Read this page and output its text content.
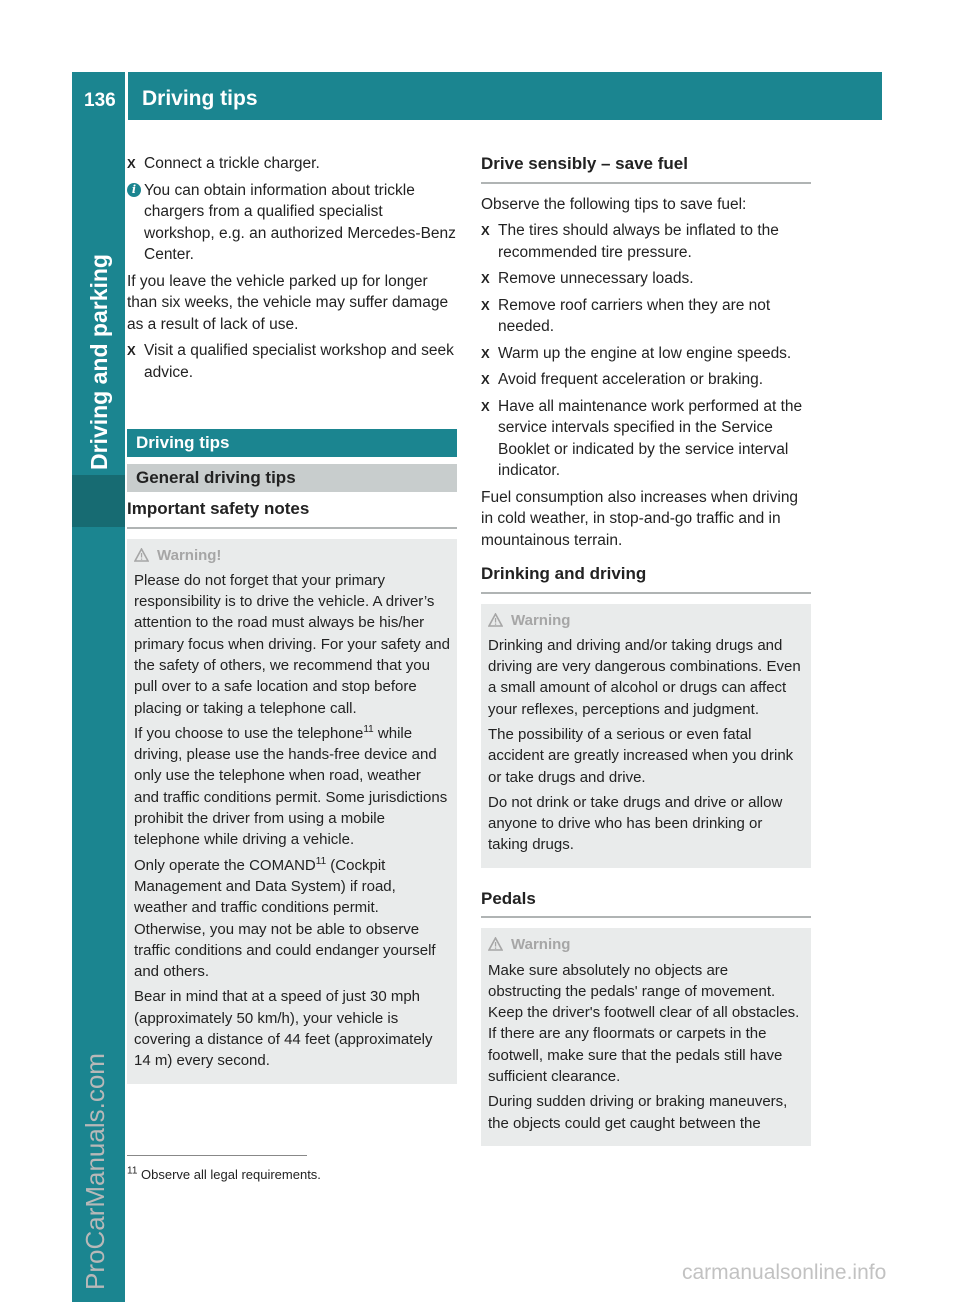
136 Driving tips
Driving and parking
ProCarManuals.com	carmanualsonline.info
X Connect a trickle charger.
i You can obtain information about trickle chargers from a qualified specialist workshop, e.g. an authorized Mercedes-Benz Center.

If you leave the vehicle parked up for longer than six weeks, the vehicle may suffer damage as a result of lack of use.

X Visit a qualified specialist workshop and seek advice.
Driving tips
General driving tips
Important safety notes
Warning!

Please do not forget that your primary responsibility is to drive the vehicle. A driver’s attention to the road must always be his/her primary focus when driving. For your safety and the safety of others, we recommend that you pull over to a safe location and stop before placing or taking a telephone call.

If you choose to use the telephone$^{11}$ while driving, please use the hands-free device and only use the telephone when road, weather and traffic conditions permit. Some jurisdictions prohibit the driver from using a mobile telephone while driving a vehicle.

Only operate the COMAND$^{11}$ (Cockpit Management and Data System) if road, weather and traffic conditions permit. Otherwise, you may not be able to observe traffic conditions and could endanger yourself and others.

Bear in mind that at a speed of just 30 mph (approximately 50 km/h), your vehicle is covering a distance of 44 feet (approximately 14 m) every second.

Drive sensibly – save fuel

Observe the following tips to save fuel:

X The tires should always be inflated to the recommended tire pressure.
X Remove unnecessary loads.
X Remove roof carriers when they are not needed.
X Warm up the engine at low engine speeds.
X Avoid frequent acceleration or braking.
X Have all maintenance work performed at the service intervals specified in the Service Booklet or indicated by the service interval indicator.

Fuel consumption also increases when driving in cold weather, in stop-and-go traffic and in mountainous terrain.

Drinking and driving
Warning

Drinking and driving and/or taking drugs and driving are very dangerous combinations. Even a small amount of alcohol or drugs can affect your reflexes, perceptions and judgment.

The possibility of a serious or even fatal accident are greatly increased when you drink or take drugs and drive.

Do not drink or take drugs and drive or allow anyone to drive who has been drinking or taking drugs.

Pedals
Warning

Make sure absolutely no objects are obstructing the pedals' range of movement. Keep the driver's footwell clear of all obstacles. If there are any floormats or carpets in the footwell, make sure that the pedals still have sufficient clearance.

During sudden driving or braking maneuvers, the objects could get caught between the

$^{11}$ Observe all legal requirements.
